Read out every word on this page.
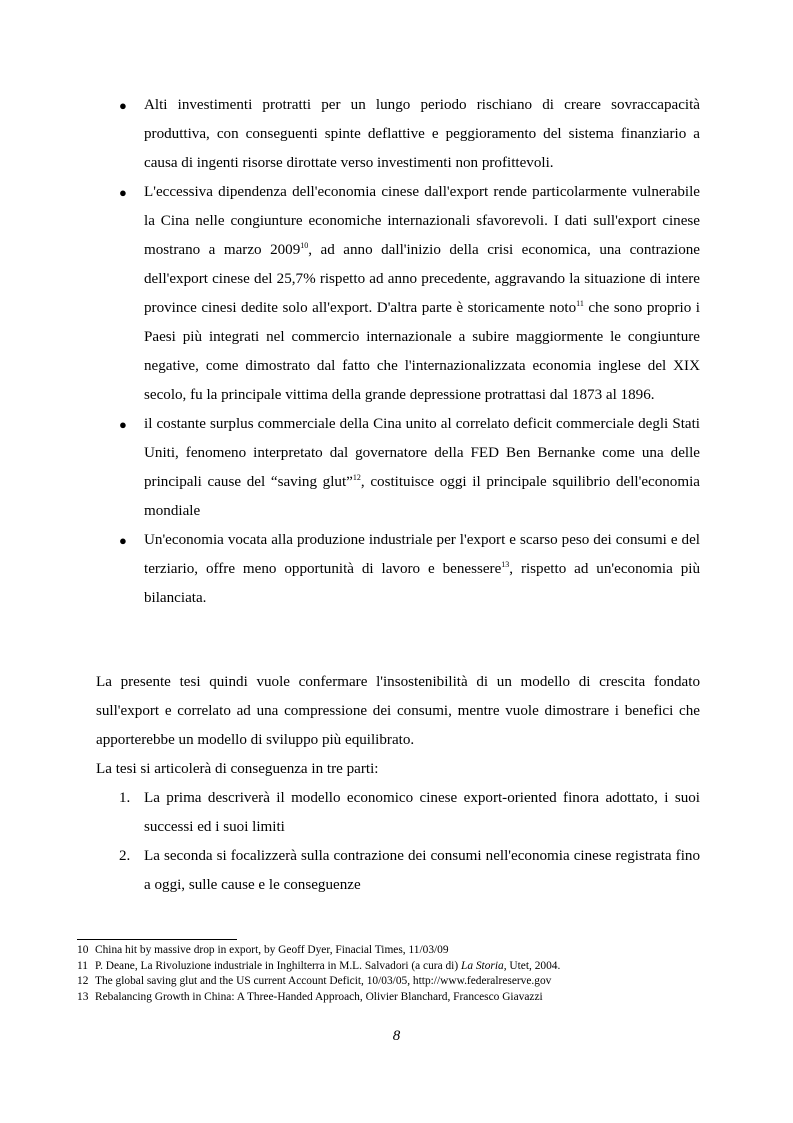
● Alti investimenti protratti per un lungo periodo rischiano di creare sovraccapacità produttiva, con conseguenti spinte deflattive e peggioramento del sistema finanziario a causa di ingenti risorse dirottate verso investimenti non profittevoli.
● L'eccessiva dipendenza dell'economia cinese dall'export rende particolarmente vulnerabile la Cina nelle congiunture economiche internazionali sfavorevoli. I dati sull'export cinese mostrano a marzo 2009$^{10}$, ad anno dall'inizio della crisi economica, una contrazione dell'export cinese del 25,7% rispetto ad anno precedente, aggravando la situazione di intere province cinesi dedite solo all'export. D'altra parte è storicamente noto$^{11}$ che sono proprio i Paesi più integrati nel commercio internazionale a subire maggiormente le congiunture negative, come dimostrato dal fatto che l'internazionalizzata economia inglese del XIX secolo, fu la principale vittima della grande depressione protrattasi dal 1873 al 1896.
● il costante surplus commerciale della Cina unito al correlato deficit commerciale degli Stati Uniti, fenomeno interpretato dal governatore della FED Ben Bernanke come una delle principali cause del “saving glut”$^{12}$, costituisce oggi il principale squilibrio dell'economia mondiale
● Un'economia vocata alla produzione industriale per l'export e scarso peso dei consumi e del terziario, offre meno opportunità di lavoro e benessere$^{13}$, rispetto ad un'economia più bilanciata.

La presente tesi quindi vuole confermare l'insostenibilità di un modello di crescita fondato sull'export e correlato ad una compressione dei consumi, mentre vuole dimostrare i benefici che apporterebbe un modello di sviluppo più equilibrato.

La tesi si articolerà di conseguenza in tre parti:

1. La prima descriverà il modello economico cinese export-oriented finora adottato, i suoi successi ed i suoi limiti
2. La seconda si focalizzerà sulla contrazione dei consumi nell'economia cinese registrata fino a oggi, sulle cause e le conseguenze
10 China hit by massive drop in export, by Geoff Dyer, Finacial Times, 11/03/09
11 P. Deane, La Rivoluzione industriale in Inghilterra in M.L. Salvadori (a cura di) La Storia, Utet, 2004.
12 The global saving glut and the US current Account Deficit, 10/03/05, http://www.federalreserve.gov
13 Rebalancing Growth in China: A Three-Handed Approach, Olivier Blanchard, Francesco Giavazzi
8
